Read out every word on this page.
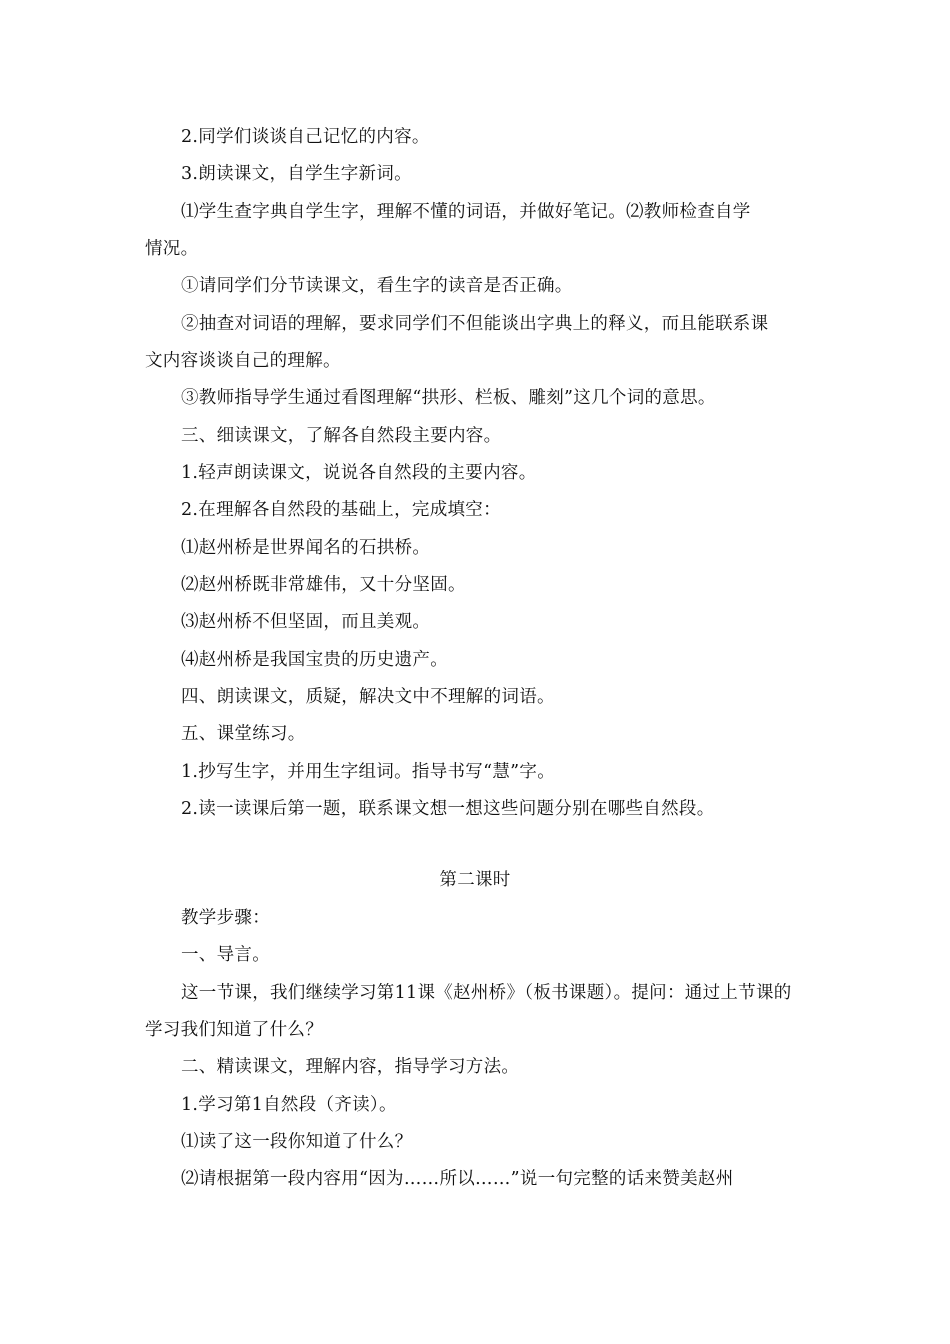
2.同学们谈谈自己记忆的内容。
3.朗读课文，自学生字新词。
⑴学生查字典自学生字，理解不懂的词语，并做好笔记。⑵教师检查自学
情况。
①请同学们分节读课文，看生字的读音是否正确。
②抽查对词语的理解，要求同学们不但能谈出字典上的释义，而且能联系课
文内容谈谈自己的理解。
③教师指导学生通过看图理解“拱形、栏板、雕刻”这几个词的意思。
三、细读课文，了解各自然段主要内容。
1.轻声朗读课文，说说各自然段的主要内容。
2.在理解各自然段的基础上，完成填空：
⑴赵州桥是世界闻名的石拱桥。
⑵赵州桥既非常雄伟，又十分坚固。
⑶赵州桥不但坚固，而且美观。
⑷赵州桥是我国宝贵的历史遗产。
四、朗读课文，质疑，解决文中不理解的词语。
五、课堂练习。
1.抄写生字，并用生字组词。指导书写“慧”字。
2.读一读课后第一题，联系课文想一想这些问题分别在哪些自然段。
第二课时
教学步骤：
一、导言。
这一节课，我们继续学习第11课《赵州桥》（板书课题）。提问：通过上节课的
学习我们知道了什么？
二、精读课文，理解内容，指导学习方法。
1.学习第1自然段（齐读）。
⑴读了这一段你知道了什么？
⑵请根据第一段内容用“因为……所以……”说一句完整的话来赞美赵州
